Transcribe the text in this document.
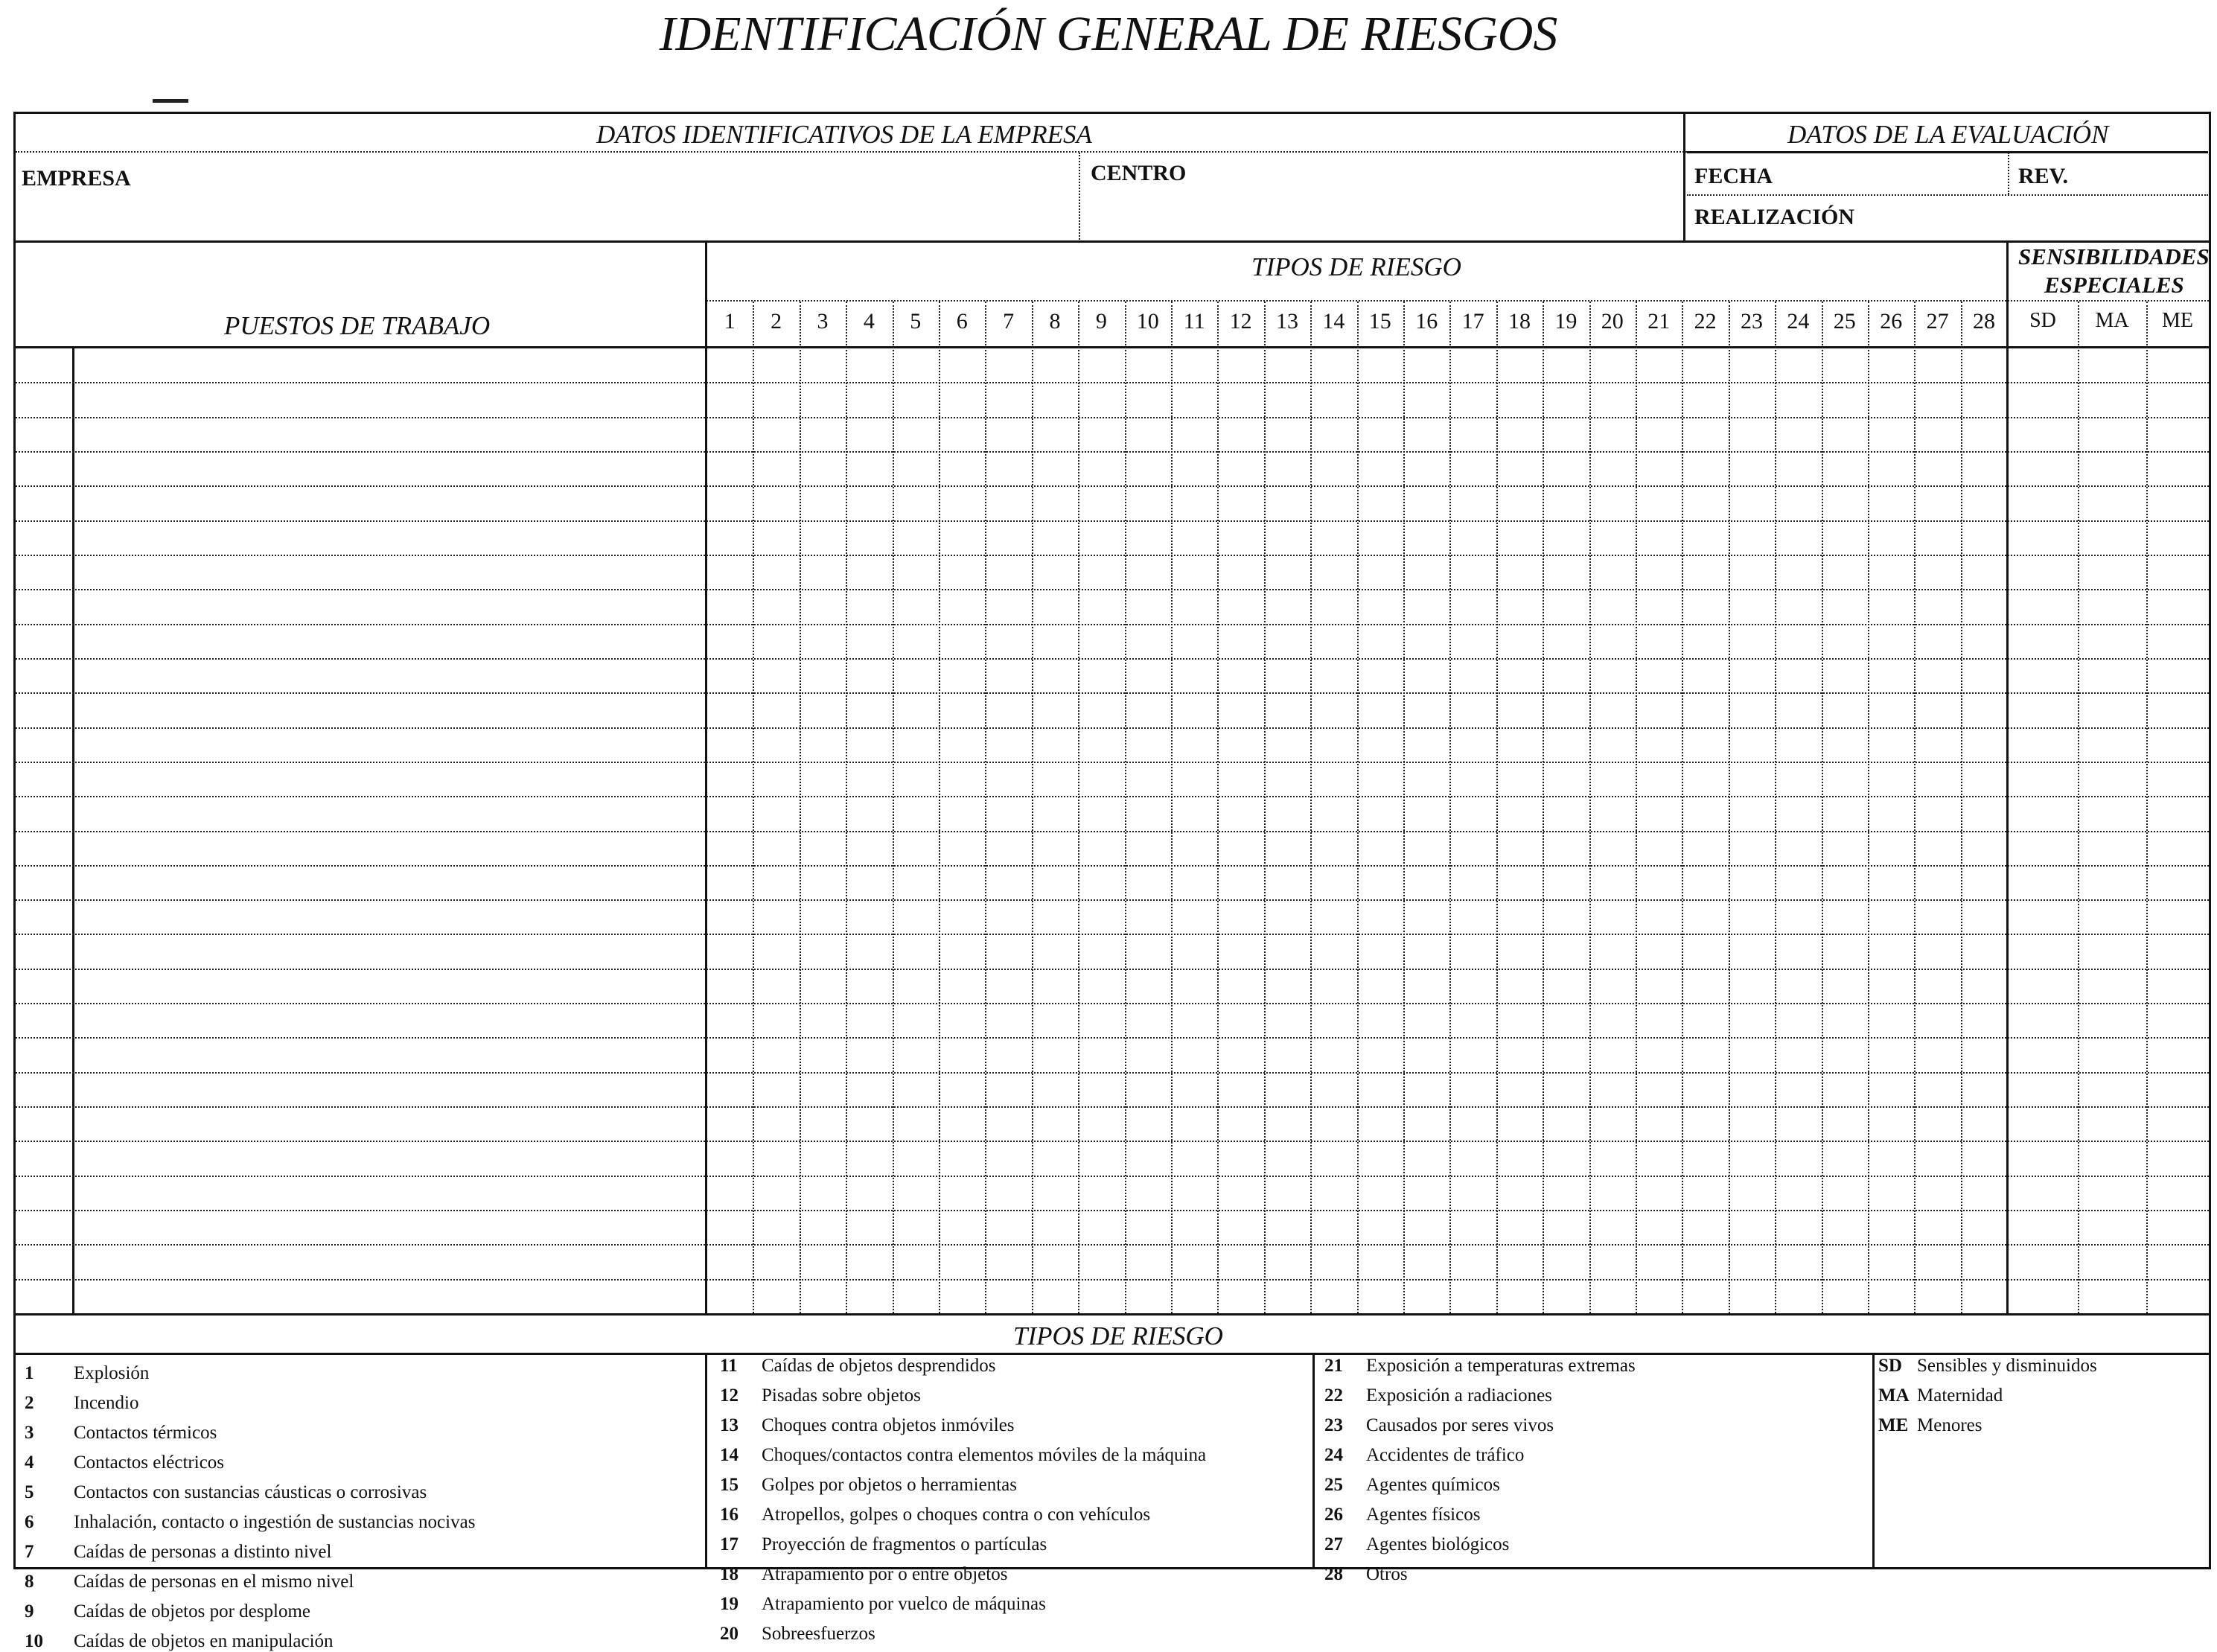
IDENTIFICACIÓN GENERAL DE RIESGOS
DATOS IDENTIFICATIVOS DE LA EMPRESA	DATOS DE LA EVALUACIÓN
EMPRESA	CENTRO	FECHA	REV.
REALIZACIÓN
TIPOS DE RIESGO	SENSIBILIDADES
ESPECIALES
PUESTOS DE TRABAJO	1	2	3	4	5	6	7	8	9	10	11	12	13	14	15	16	17	18	19	20	21	22	23	24	25	26	27	28	SD	MA	ME
TIPOS DE RIESGO
1 Explosión
2 Incendio
3 Contactos térmicos
4 Contactos eléctricos
5 Contactos con sustancias cáusticas o corrosivas
6 Inhalación, contacto o ingestión de sustancias nocivas
7 Caídas de personas a distinto nivel
8 Caídas de personas en el mismo nivel
9 Caídas de objetos por desplome
10 Caídas de objetos en manipulación
11 Caídas de objetos desprendidos
12 Pisadas sobre objetos
13 Choques contra objetos inmóviles
14 Choques/contactos contra elementos móviles de la máquina
15 Golpes por objetos o herramientas
16 Atropellos, golpes o choques contra o con vehículos
17 Proyección de fragmentos o partículas
18 Atrapamiento por o entre objetos
19 Atrapamiento por vuelco de máquinas
20 Sobreesfuerzos
21 Exposición a temperaturas extremas
22 Exposición a radiaciones
23 Causados por seres vivos
24 Accidentes de tráfico
25 Agentes químicos
26 Agentes físicos
27 Agentes biológicos
28 Otros
SD Sensibles y disminuidos
MA Maternidad
ME Menores
